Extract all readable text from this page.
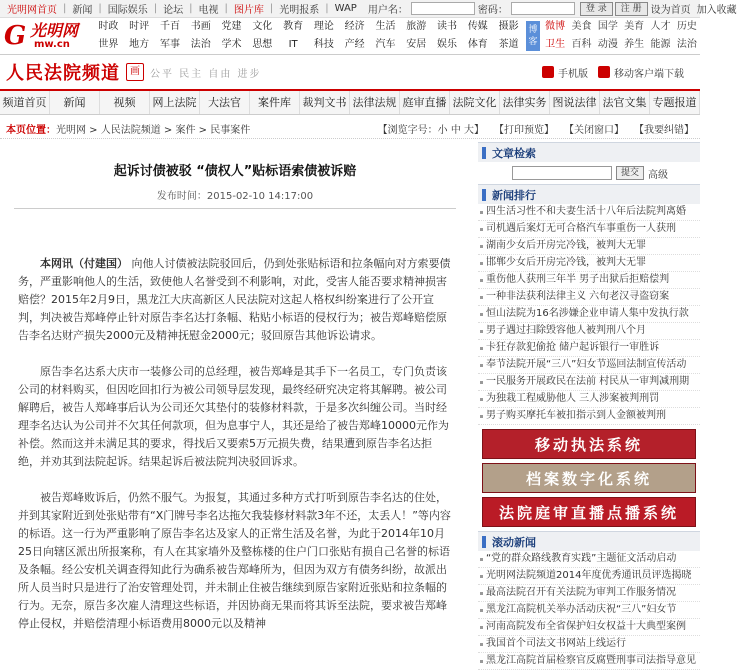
光明网首页 | 新闻 | 国际娱乐 | 论坛 | 电视 | 图片库 | 光明报系 | WAP	用户名：	密码：	登 录	注 册 设为首页 加入收藏
G 光明网
mw.cn
时政	时评	千百	书画	党建	文化	教育	理论	经济	生活	旅游	读书	传媒	摄影
世界	地方	军事	法治	学术	思想	IT	科技	产经	汽车	安居	娱乐	体育	茶道
博客
微博 美食 国学 美育 人才 历史
卫生 百科 动漫 养生 能源 法治
人民法院频道	画	公平 民主 自由 进步	手机版	移动客户端下载
频道首页	新闻	视频	网上法院	大法官	案件库	裁判文书 法律法规 庭审直播 法院文化 法律实务 图说法律 法官文集 专题报道
本页位置： 光明网 > 人民法院频道 > 案件 > 民事案件	【浏览字号：小 中 大】 【打印预览】 【关闭窗口】 【我要纠错】
起诉讨债被驳 “债权人”贴标语索债被诉赔
发布时间：2015-02-10 14:17:00

本网讯（付建国） 向他人讨债被法院驳回后，仍到处张贴标语和拉条幅向对方索要债务，严重影响他人的生活，致使他人名誉受到不利影响，对此，受害人能否要求精神损害赔偿？2015年2月9日，黑龙江大庆高新区人民法院对这起人格权纠纷案进行了公开宣判，判决被告郑峰停止针对原告李名达打条幅、粘贴小标语的侵权行为；被告郑峰赔偿原告李名达财产损失2000元及精神抚慰金2000元；驳回原告其他诉讼请求。

原告李名达系大庆市一装修公司的总经理，被告郑峰是其手下一名员工，专门负责该公司的材料购买，但因吃回扣行为被公司领导层发现，最终经研究决定将其解聘。被公司解聘后，被告人郑峰事后认为公司还欠其垫付的装修材料款，于是多次纠缠公司。当时经理李名达认为公司并不欠其任何款项，但为息事宁人，其还是给了被告郑峰10000元作为补偿。然而这并未满足其的要求，得找后又要索5万元损失费，结果遭到原告李名达拒绝，并劝其到法院起诉。结果起诉后被法院判决驳回诉求。

被告郑峰败诉后，仍然不服气。为报复，其通过多种方式打听到原告李名达的住处，并到其家附近到处张贴带有“X门牌号李名达拖欠我装修材料款3年不还，太丢人！”等内容的标语。这一行为严重影响了原告李名达及家人的正常生活及名誉，为此于2014年10月25日向辖区派出所报案称，有人在其家墙外及整栋楼的住户门口张贴有损自己名誉的标语及条幅。经公安机关调查得知此行为确系被告郑峰所为，但因为双方有债务纠纷，故派出所人员当时只是进行了治安管理处罚，并未制止住被告继续到原告家附近张贴和拉条幅的行为。无奈，原告多次雇人清理这些标语，并因协商无果而将其诉至法院，要求被告郑峰停止侵权，并赔偿清理小标语费用8000元以及精神

文章检索
提交 高级
新闻排行
四生活习性不和夫妻生活十八年后法院判离婚
司机遇后案灯无可合格汽车事重伤一人获刑
湖南少女后开房完冷钱，被判大无罪
邯郸少女后开房完冷钱，被判大无罪
重伤他人获刑三年半 男子出狱后拒赔偿判
一种非法获利法律主义 六旬老汉寻盗窃案
恒山法院为16名涉嫌企业申请人集中发执行款
男子遇过扫除毁容他人被判刑八个月
卡狂存款犯偷抢 储户起诉银行一审胜诉
奉节法院开展“三八”妇女节巡回法制宣传活动
一民服务开展政民在法前 村民从一审判减刑期
为独栽工程威胁他人 三人涉案被判刑罚
男子购买摩托车被扣指示到人金额被判刑
移动执法系统
档案数字化系统
法院庭审直播点播系统
滚动新闻
“党的群众路线教育实践”主题征文活动启动
光明网法院频道2014年度优秀通讯员评选揭晓
最高法院召开有关法院为审判工作服务情况
黑龙江高院机关举办活动庆祝“三八”妇女节
河南高院发布全省保护妇女权益十大典型案例
我国首个司法文书网站上线运行
黑龙江高院首届检察官反腐暨刑事司法指导意见
